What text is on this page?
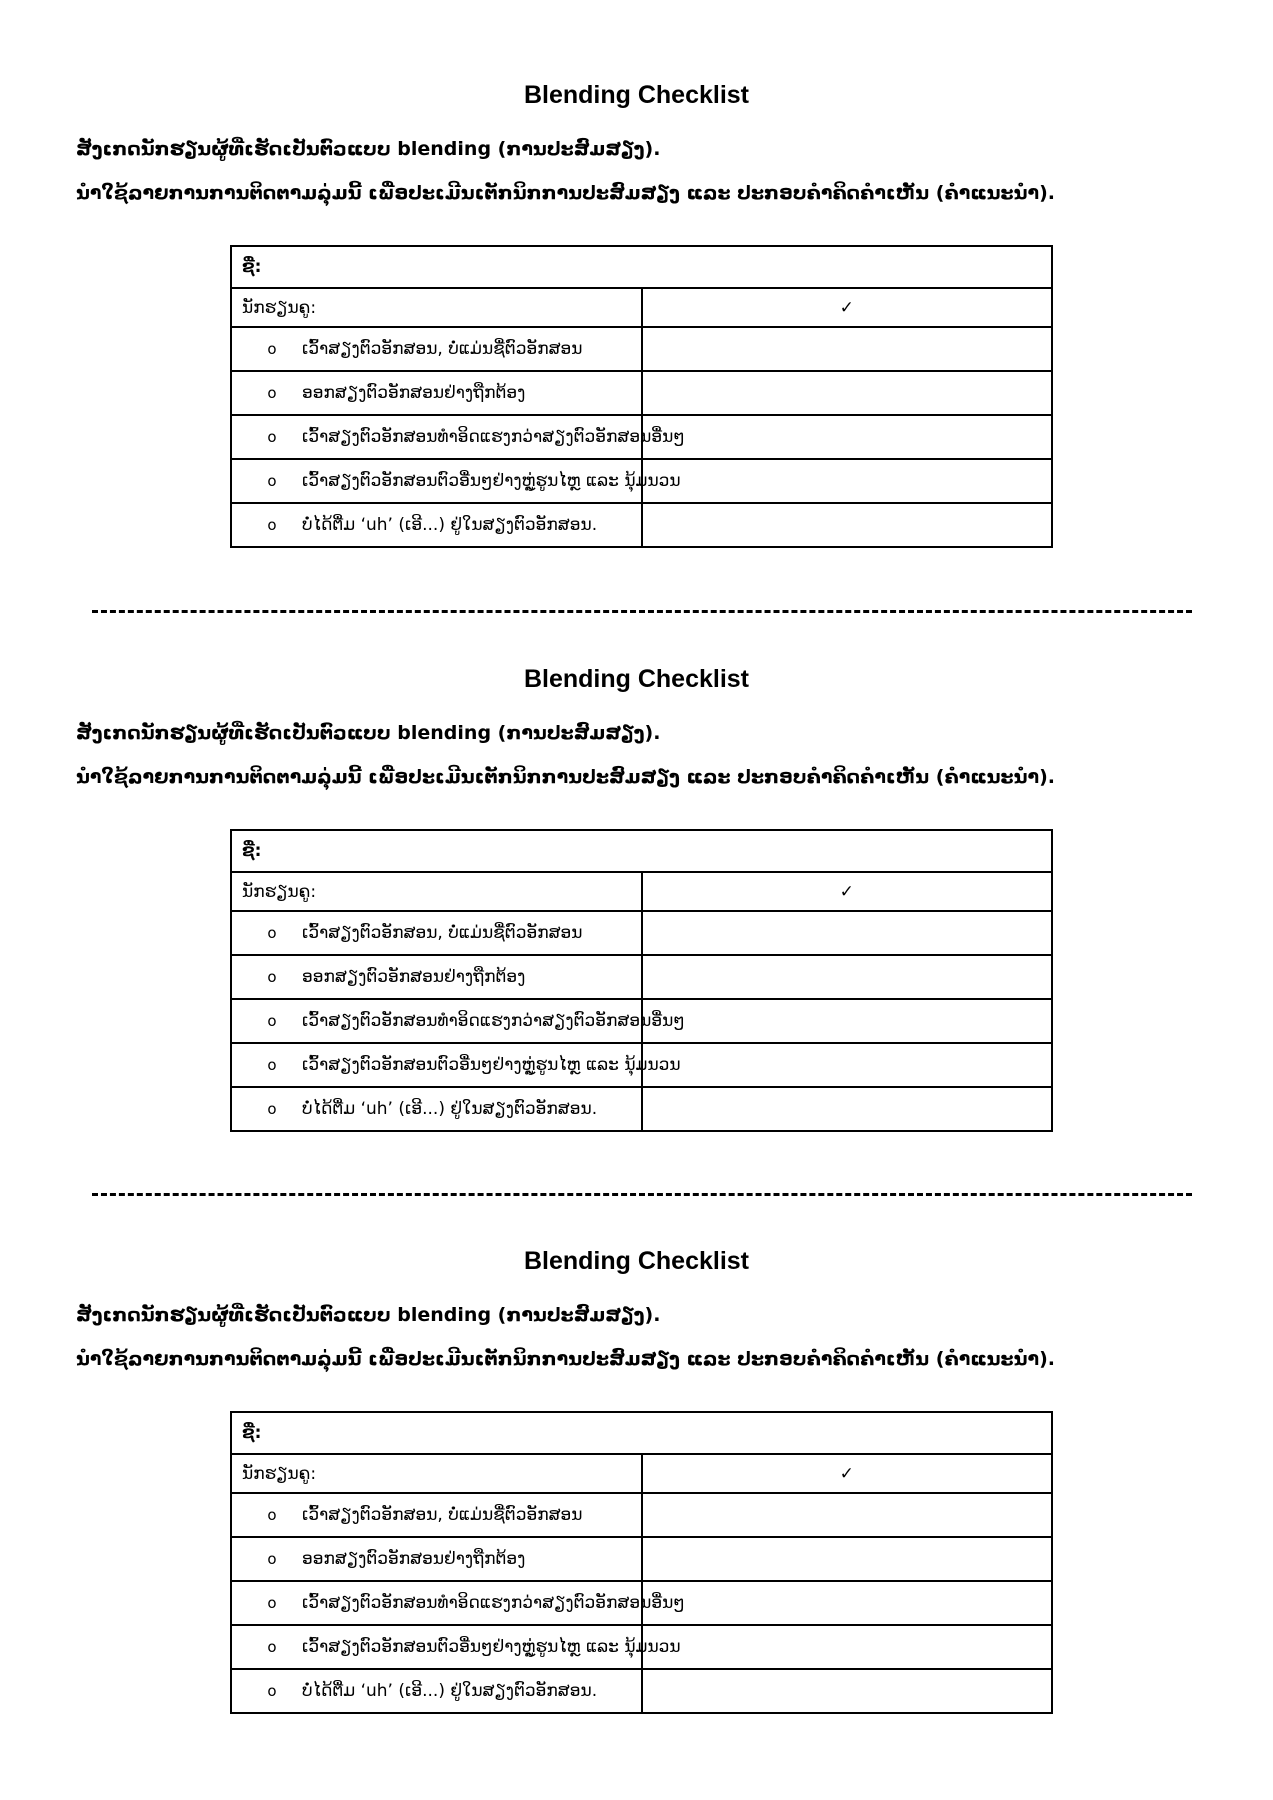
Blending Checklist
ສັງເກດນັກຮຽນຜູ້ທີ່ເຮັດເປັນຕົວແບບ blending (ການປະສົມສຽງ).
ນຳໃຊ້ລາຍການການຕິດຕາມລຸ່ມນີ້ ເພື່ອປະເມີນເຕັກນິກການປະສົມສຽງ ແລະ ປະກອບຄຳຄິດຄຳເຫັນ (ຄຳແນະນຳ).
ຊື່:	
ນັກຮຽນຄູ:	✓
o ເວົ້າສຽງຕົວອັກສອນ, ບໍ່ແມ່ນຊື່ຕົວອັກສອນ	
o ອອກສຽງຕົວອັກສອນຢ່າງຖືກຕ້ອງ	
o ເວົ້າສຽງຕົວອັກສອນທຳອິດແຮງກວ່າສຽງຕົວອັກສອນອື່ນໆ	
o ເວົ້າສຽງຕົວອັກສອນຕົວອື່ນໆຢ່າງຫຼູ່ຮູນໄຫຼ ແລະ ນຸ້ມນວນ	
o ບໍ່ໄດ້ຕື່ມ ‘uh’ (ເອີ...) ຢູ່ໃນສຽງຕົວອັກສອນ.	
Blending Checklist
ສັງເກດນັກຮຽນຜູ້ທີ່ເຮັດເປັນຕົວແບບ blending (ການປະສົມສຽງ).
ນຳໃຊ້ລາຍການການຕິດຕາມລຸ່ມນີ້ ເພື່ອປະເມີນເຕັກນິກການປະສົມສຽງ ແລະ ປະກອບຄຳຄິດຄຳເຫັນ (ຄຳແນະນຳ).
ຊື່:	
ນັກຮຽນຄູ:	✓
o ເວົ້າສຽງຕົວອັກສອນ, ບໍ່ແມ່ນຊື່ຕົວອັກສອນ	
o ອອກສຽງຕົວອັກສອນຢ່າງຖືກຕ້ອງ	
o ເວົ້າສຽງຕົວອັກສອນທຳອິດແຮງກວ່າສຽງຕົວອັກສອນອື່ນໆ	
o ເວົ້າສຽງຕົວອັກສອນຕົວອື່ນໆຢ່າງຫຼູ່ຮູນໄຫຼ ແລະ ນຸ້ມນວນ	
o ບໍ່ໄດ້ຕື່ມ ‘uh’ (ເອີ...) ຢູ່ໃນສຽງຕົວອັກສອນ.	
Blending Checklist
ສັງເກດນັກຮຽນຜູ້ທີ່ເຮັດເປັນຕົວແບບ blending (ການປະສົມສຽງ).
ນຳໃຊ້ລາຍການການຕິດຕາມລຸ່ມນີ້ ເພື່ອປະເມີນເຕັກນິກການປະສົມສຽງ ແລະ ປະກອບຄຳຄິດຄຳເຫັນ (ຄຳແນະນຳ).
ຊື່:	
ນັກຮຽນຄູ:	✓
o ເວົ້າສຽງຕົວອັກສອນ, ບໍ່ແມ່ນຊື່ຕົວອັກສອນ	
o ອອກສຽງຕົວອັກສອນຢ່າງຖືກຕ້ອງ	
o ເວົ້າສຽງຕົວອັກສອນທຳອິດແຮງກວ່າສຽງຕົວອັກສອນອື່ນໆ	
o ເວົ້າສຽງຕົວອັກສອນຕົວອື່ນໆຢ່າງຫຼູ່ຮູນໄຫຼ ແລະ ນຸ້ມນວນ	
o ບໍ່ໄດ້ຕື່ມ ‘uh’ (ເອີ...) ຢູ່ໃນສຽງຕົວອັກສອນ.	
